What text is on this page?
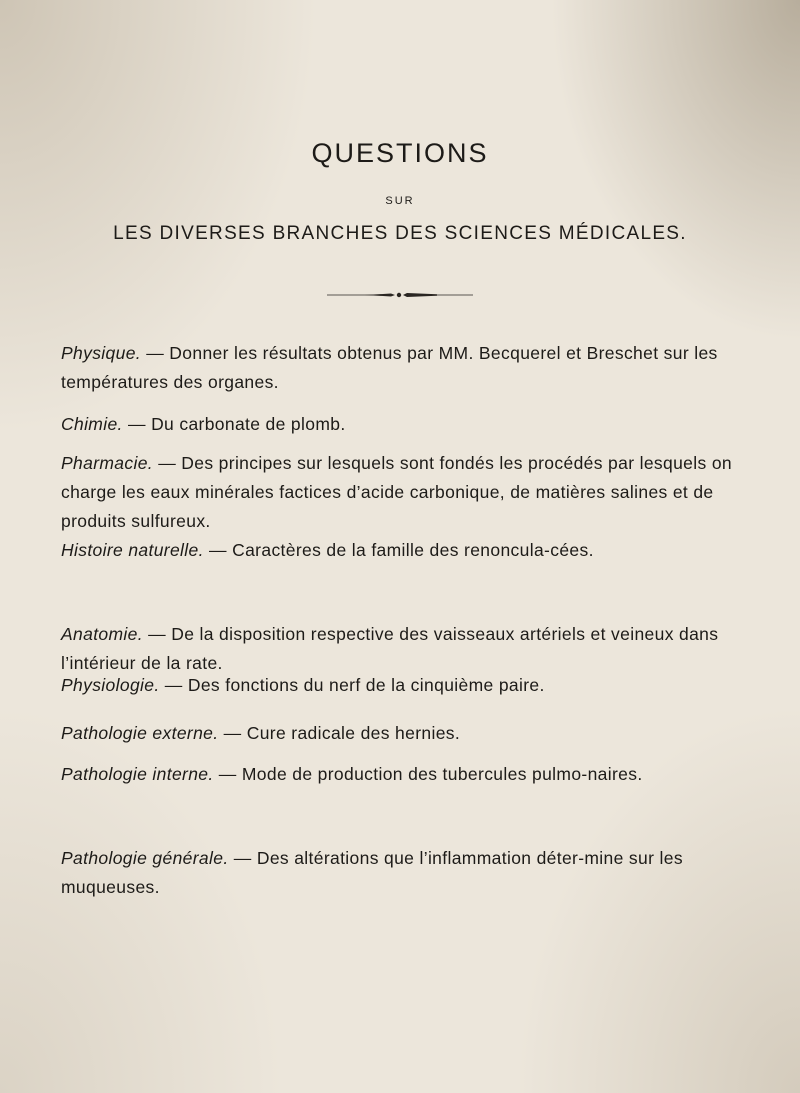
QUESTIONS
SUR
LES DIVERSES BRANCHES DES SCIENCES MÉDICALES.

Physique. — Donner les résultats obtenus par MM. Becquerel et Breschet sur les températures des organes.

Chimie. — Du carbonate de plomb.

Pharmacie. — Des principes sur lesquels sont fondés les procédés par lesquels on charge les eaux minérales factices d’acide carbonique, de matières salines et de produits sulfureux.

Histoire naturelle. — Caractères de la famille des renoncula-cées.

Anatomie. — De la disposition respective des vaisseaux artériels et veineux dans l’intérieur de la rate.

Physiologie. — Des fonctions du nerf de la cinquième paire.

Pathologie externe. — Cure radicale des hernies.

Pathologie interne. — Mode de production des tubercules pulmo-naires.

Pathologie générale. — Des altérations que l’inflammation déter-mine sur les muqueuses.
